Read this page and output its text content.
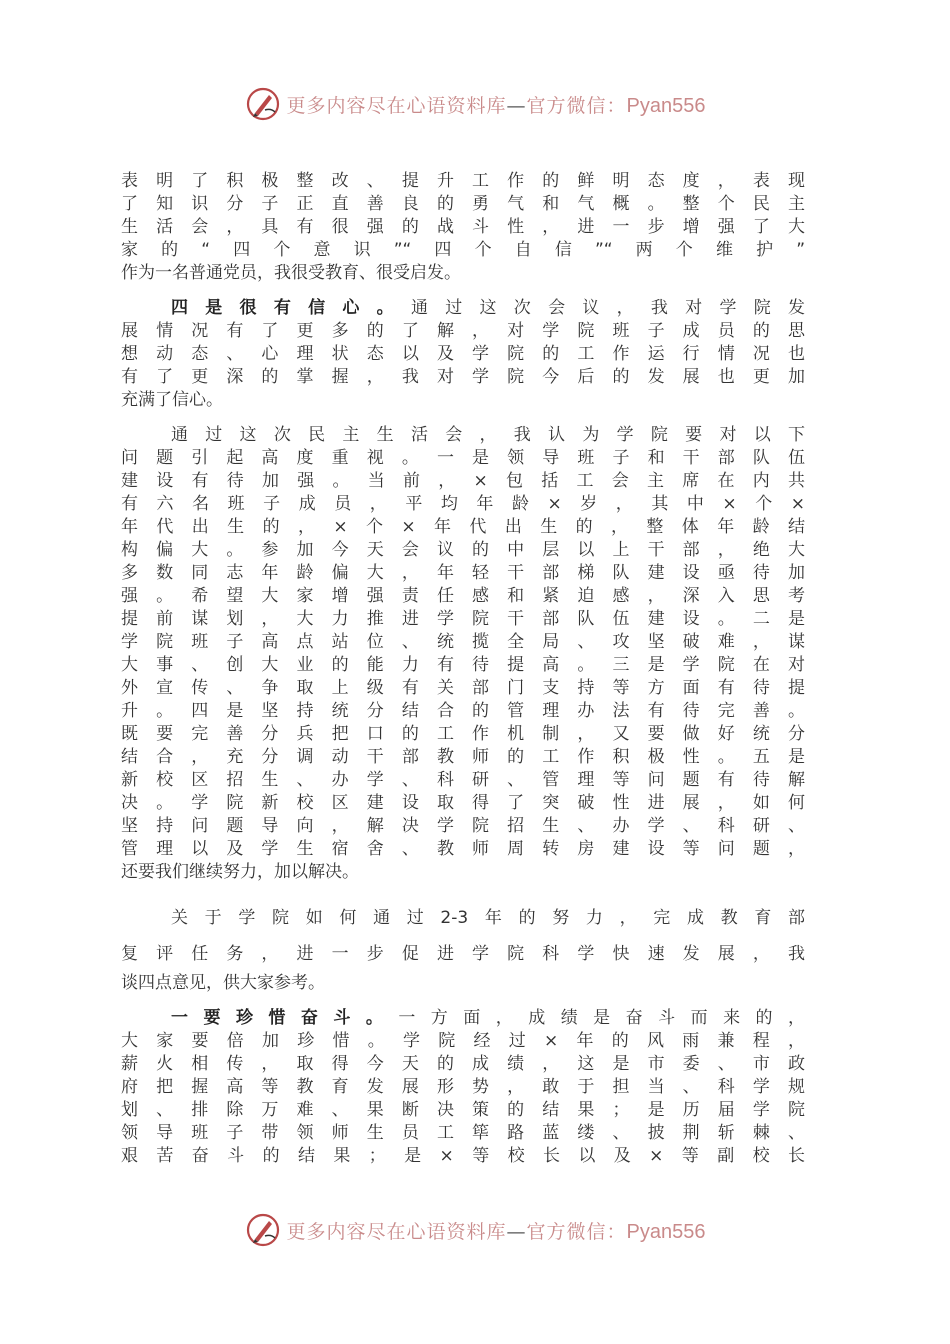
更多内容尽在心语资料库—官方微信：Pyan556
表明了积极整改、提升工作的鲜明态度，表现
了知识分子正直善良的勇气和气概。整个民主
生活会，具有很强的战斗性，进一步增强了大
家的“四个意识”“四个自信”“两个维护”
作为一名普通党员，我很受教育、很受启发。
四是很有信心。通过这次会议，我对学院发
展情况有了更多的了解，对学院班子成员的思
想动态、心理状态以及学院的工作运行情况也
有了更深的掌握，我对学院今后的发展也更加
充满了信心。
通过这次民主生活会，我认为学院要对以下
问题引起高度重视。一是领导班子和干部队伍
建设有待加强。当前，×包括工会主席在内共
有六名班子成员，平均年龄×岁，其中×个×
年代出生的，×个×年代出生的，整体年龄结
构偏大。参加今天会议的中层以上干部，绝大
多数同志年龄偏大，年轻干部梯队建设亟待加
强。希望大家增强责任感和紧迫感，深入思考
提前谋划，大力推进学院干部队伍建设。二是
学院班子高点站位、统揽全局、攻坚破难，谋
大事、创大业的能力有待提高。三是学院在对
外宣传、争取上级有关部门支持等方面有待提
升。四是坚持统分结合的管理办法有待完善。
既要完善分兵把口的工作机制，又要做好统分
结合，充分调动干部教师的工作积极性。五是
新校区招生、办学、科研、管理等问题有待解
决。学院新校区建设取得了突破性进展，如何
坚持问题导向，解决学院招生、办学、科研、
管理以及学生宿舍、教师周转房建设等问题，
还要我们继续努力，加以解决。
关于学院如何通过2-3年的努力，完成教育部
复评任务，进一步促进学院科学快速发展，我
谈四点意见，供大家参考。
一要珍惜奋斗。一方面，成绩是奋斗而来的，
大家要倍加珍惜。学院经过×年的风雨兼程，
薪火相传，取得今天的成绩，这是市委、市政
府把握高等教育发展形势，敢于担当、科学规
划、排除万难、果断决策的结果；是历届学院
领导班子带领师生员工筚路蓝缕、披荆斩棘、
艰苦奋斗的结果；是×等校长以及×等副校长
更多内容尽在心语资料库—官方微信：Pyan556
